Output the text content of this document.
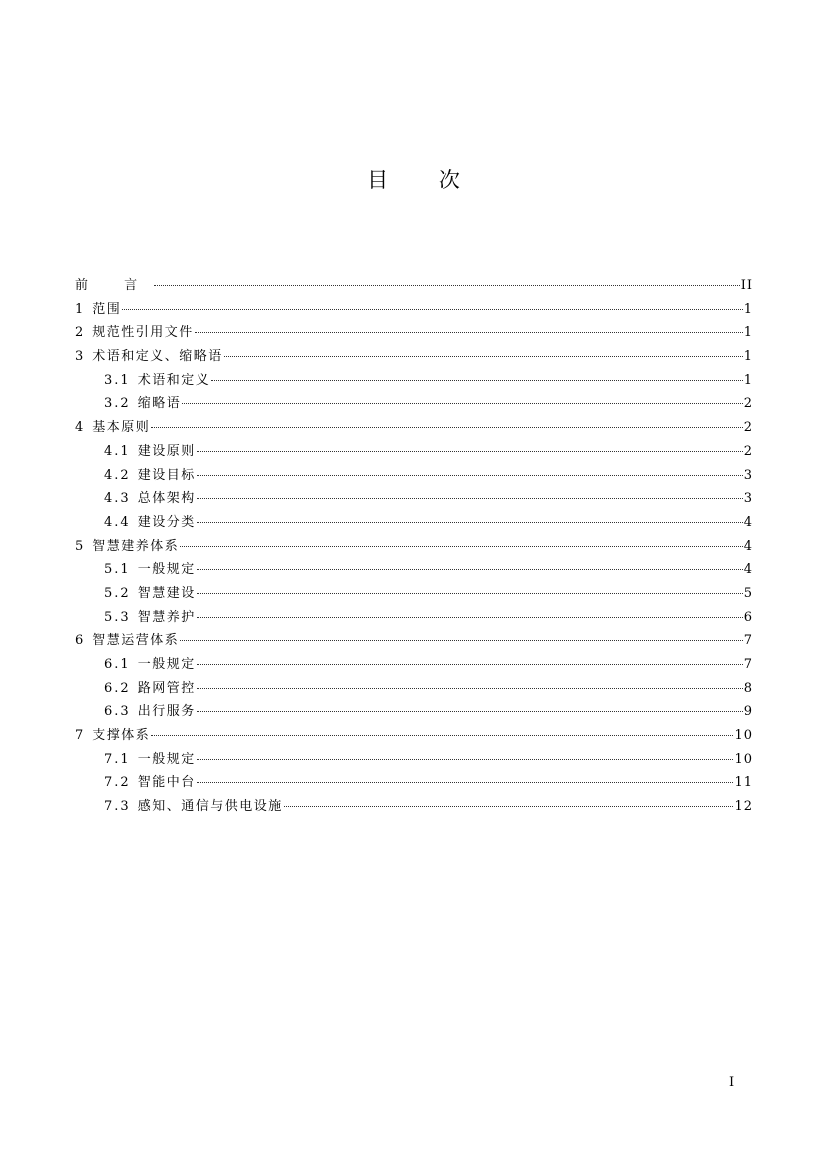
目 次
前 言	II
1 范围	1
2 规范性引用文件	1
3 术语和定义、缩略语	1
3.1 术语和定义	1
3.2 缩略语	2
4 基本原则	2
4.1 建设原则	2
4.2 建设目标	3
4.3 总体架构	3
4.4 建设分类	4
5 智慧建养体系	4
5.1 一般规定	4
5.2 智慧建设	5
5.3 智慧养护	6
6 智慧运营体系	7
6.1 一般规定	7
6.2 路网管控	8
6.3 出行服务	9
7 支撑体系	10
7.1 一般规定	10
7.2 智能中台	11
7.3 感知、通信与供电设施	12
I
